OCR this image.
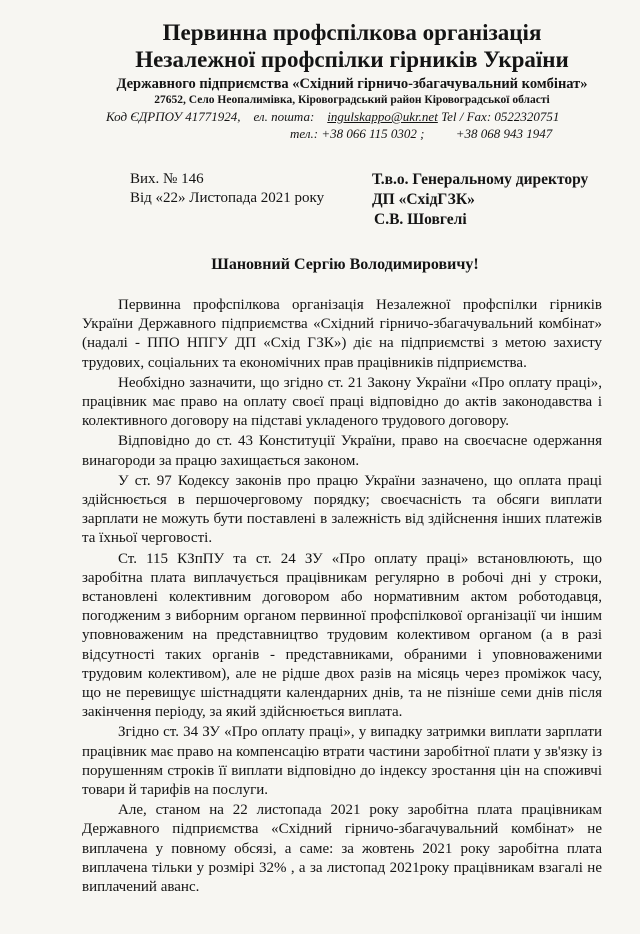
Первинна профспілкова організація
Незалежної профспілки гірників України
Державного підприємства «Східний гірничо-збагачувальний комбінат»
27652, Село Неопалимівка, Кіровоградський район Кіровоградської області
Код ЄДРПОУ 41771924, ел. пошта: ingulskappo@ukr.net Tel / Fax: 0522320751
тел.: +38 066 115 0302 ; +38 068 943 1947
Вих. № 146
Від «22» Листопада 2021 року
Т.в.о. Генеральному директору
ДП «СхідГЗК»
С.В. Шовгелі
Шановний Сергію Володимировичу!

Первинна профспілкова організація Незалежної профспілки гірників України Державного підприємства «Східний гірничо-збагачувальний комбінат» (надалі - ППО НПГУ ДП «Схід ГЗК») діє на підприємстві з метою захисту трудових, соціальних та економічних прав працівників підприємства.

Необхідно зазначити, що згідно ст. 21 Закону України «Про оплату праці», працівник має право на оплату своєї праці відповідно до актів законодавства і колективного договору на підставі укладеного трудового договору.

Відповідно до ст. 43 Конституції України, право на своєчасне одержання винагороди за працю захищається законом.

У ст. 97 Кодексу законів про працю України зазначено, що оплата праці здійснюється в першочерговому порядку; своєчасність та обсяги виплати зарплати не можуть бути поставлені в залежність від здійснення інших платежів та їхньої черговості.

Ст. 115 КЗпПУ та ст. 24 ЗУ «Про оплату праці» встановлюють, що заробітна плата виплачується працівникам регулярно в робочі дні у строки, встановлені колективним договором або нормативним актом роботодавця, погодженим з виборним органом первинної профспілкової організації чи іншим уповноваженим на представництво трудовим колективом органом (а в разі відсутності таких органів - представниками, обраними і уповноваженими трудовим колективом), але не рідше двох разів на місяць через проміжок часу, що не перевищує шістнадцяти календарних днів, та не пізніше семи днів після закінчення періоду, за який здійснюється виплата.

Згідно ст. 34 ЗУ «Про оплату праці», у випадку затримки виплати зарплати працівник має право на компенсацію втрати частини заробітної плати у зв'язку із порушенням строків її виплати відповідно до індексу зростання цін на споживчі товари й тарифів на послуги.

Але, станом на 22 листопада 2021 року заробітна плата працівникам Державного підприємства «Східний гірничо-збагачувальний комбінат» не виплачена у повному обсязі, а саме: за жовтень 2021 року заробітна плата виплачена тільки у розмірі 32% , а за листопад 2021року працівникам взагалі не виплачений аванс.
